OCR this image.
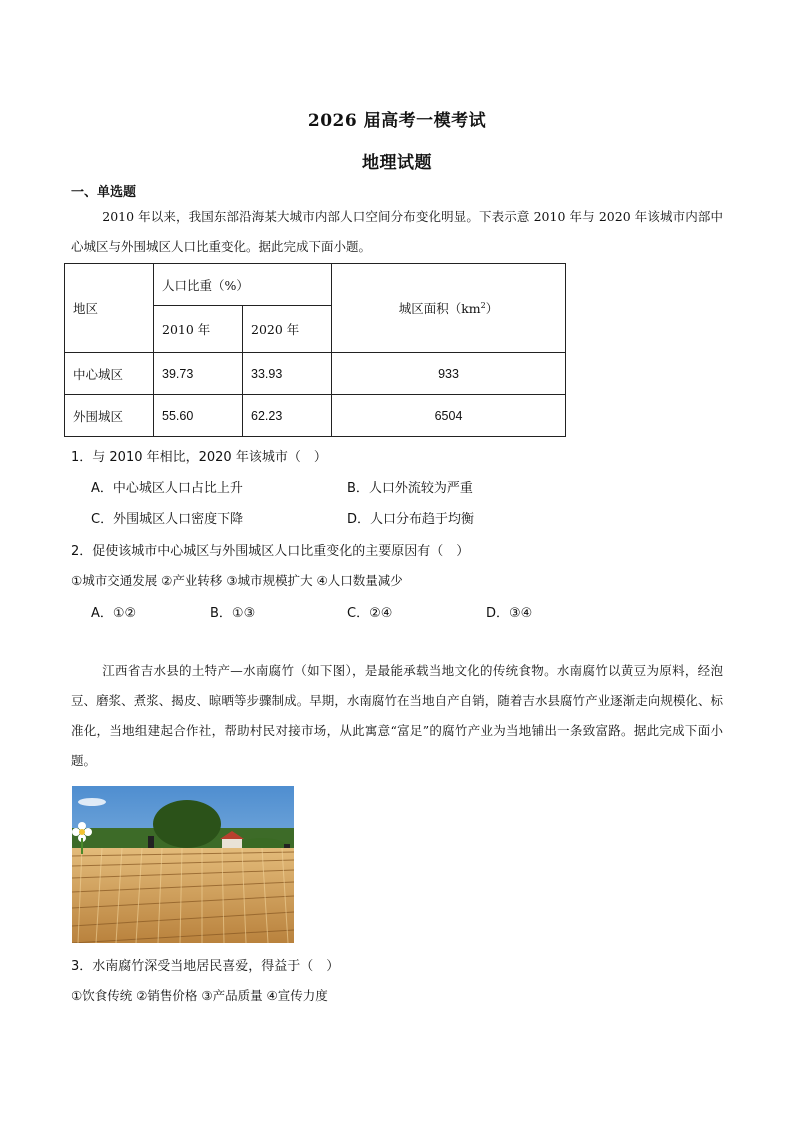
2026 届高考一模考试
地理试题
一、单选题
2010 年以来，我国东部沿海某大城市内部人口空间分布变化明显。下表示意 2010 年与 2020 年该城市内部中心城区与外围城区人口比重变化。据此完成下面小题。
地区	人口比重（%）		城区面积$(km^2)$
	2010 年	2020 年	
中心城区	39.73	33.93	933
外围城区	55.60	62.23	6504
1．与 2010 年相比，2020 年该城市（　）
A．中心城区人口占比上升	B．人口外流较为严重
C．外围城区人口密度下降	D．人口分布趋于均衡
2．促使该城市中心城区与外围城区人口比重变化的主要原因有（　）
①城市交通发展 ②产业转移 ③城市规模扩大 ④人口数量减少
A．①②	B．①③	C．②④	D．③④
江西省吉水县的土特产—水南腐竹（如下图），是最能承载当地文化的传统食物。水南腐竹以黄豆为原料，经泡豆、磨浆、煮浆、揭皮、晾晒等步骤制成。早期，水南腐竹在当地自产自销，随着吉水县腐竹产业逐渐走向规模化、标准化，当地组建起合作社，帮助村民对接市场，从此寓意“富足”的腐竹产业为当地铺出一条致富路。据此完成下面小题。
3．水南腐竹深受当地居民喜爱，得益于（　）
①饮食传统 ②销售价格 ③产品质量 ④宣传力度
